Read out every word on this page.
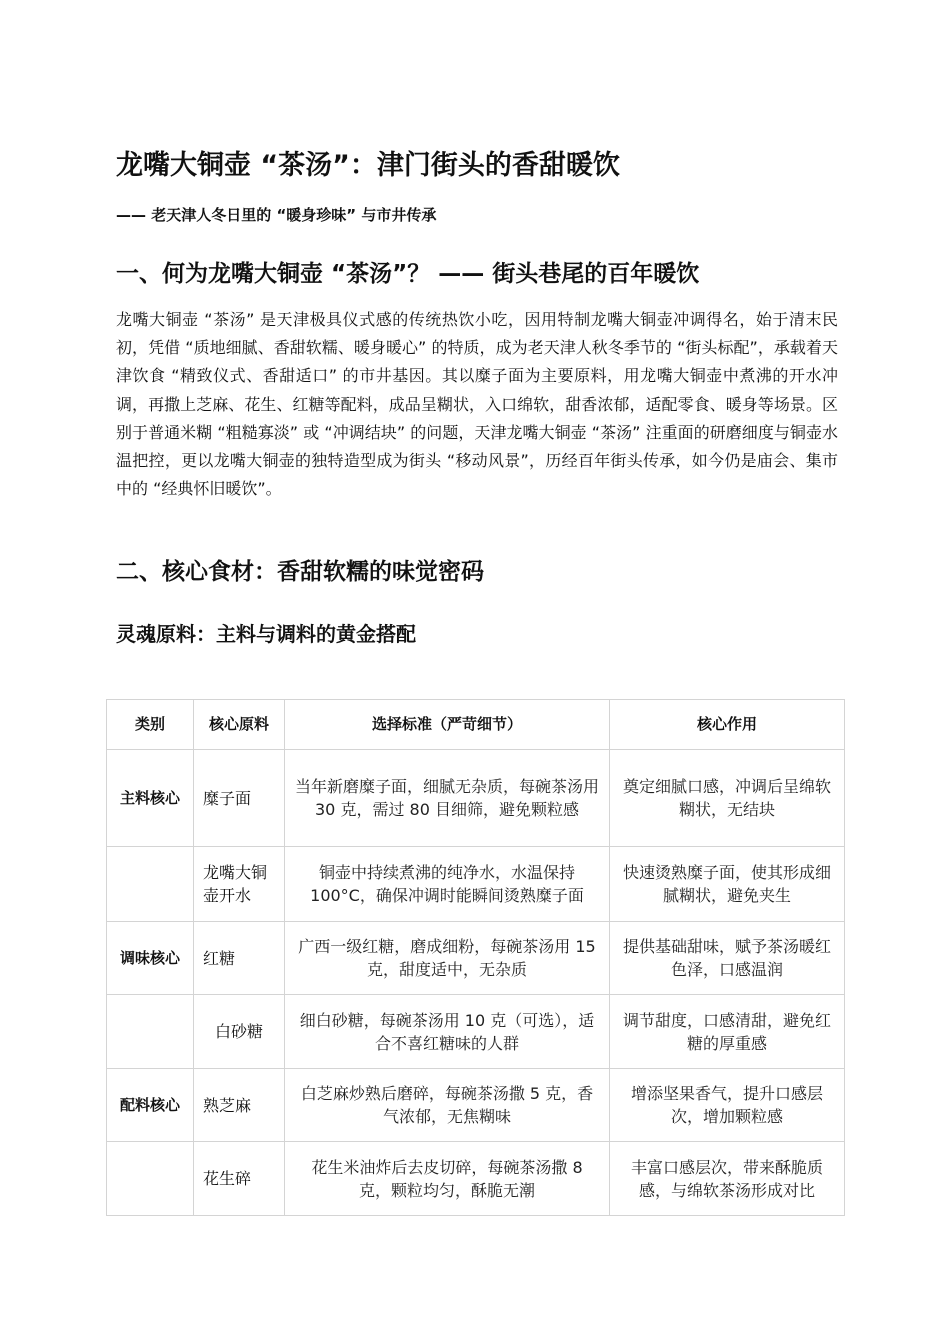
龙嘴大铜壶 “茶汤”：津门街头的香甜暖饮

—— 老天津人冬日里的 “暖身珍味” 与市井传承

一、何为龙嘴大铜壶 “茶汤”？ —— 街头巷尾的百年暖饮

龙嘴大铜壶 “茶汤” 是天津极具仪式感的传统热饮小吃，因用特制龙嘴大铜壶冲调得名，始于清末民初，凭借 “质地细腻、香甜软糯、暖身暖心” 的特质，成为老天津人秋冬季节的 “街头标配”，承载着天津饮食 “精致仪式、香甜适口” 的市井基因。其以糜子面为主要原料，用龙嘴大铜壶中煮沸的开水冲调，再撒上芝麻、花生、红糖等配料，成品呈糊状，入口绵软，甜香浓郁，适配零食、暖身等场景。区别于普通米糊 “粗糙寡淡” 或 “冲调结块” 的问题，天津龙嘴大铜壶 “茶汤” 注重面的研磨细度与铜壶水温把控，更以龙嘴大铜壶的独特造型成为街头 “移动风景”，历经百年街头传承，如今仍是庙会、集市中的 “经典怀旧暖饮”。

二、核心食材：香甜软糯的味觉密码
灵魂原料：主料与调料的黄金搭配
类别	核心原料	选择标准（严苛细节）	核心作用
主料核心	糜子面	当年新磨糜子面，细腻无杂质，每碗茶汤用 30 克，需过 80 目细筛，避免颗粒感	奠定细腻口感，冲调后呈绵软糊状，无结块
	龙嘴大铜壶开水	铜壶中持续煮沸的纯净水，水温保持 100°C，确保冲调时能瞬间烫熟糜子面	快速烫熟糜子面，使其形成细腻糊状，避免夹生
调味核心	红糖	广西一级红糖，磨成细粉，每碗茶汤用 15 克，甜度适中，无杂质	提供基础甜味，赋予茶汤暖红色泽，口感温润
	白砂糖	细白砂糖，每碗茶汤用 10 克（可选），适合不喜红糖味的人群	调节甜度，口感清甜，避免红糖的厚重感
配料核心	熟芝麻	白芝麻炒熟后磨碎，每碗茶汤撒 5 克，香气浓郁，无焦糊味	增添坚果香气，提升口感层次，增加颗粒感
	花生碎	花生米油炸后去皮切碎，每碗茶汤撒 8 克，颗粒均匀，酥脆无潮	丰富口感层次，带来酥脆质感，与绵软茶汤形成对比
